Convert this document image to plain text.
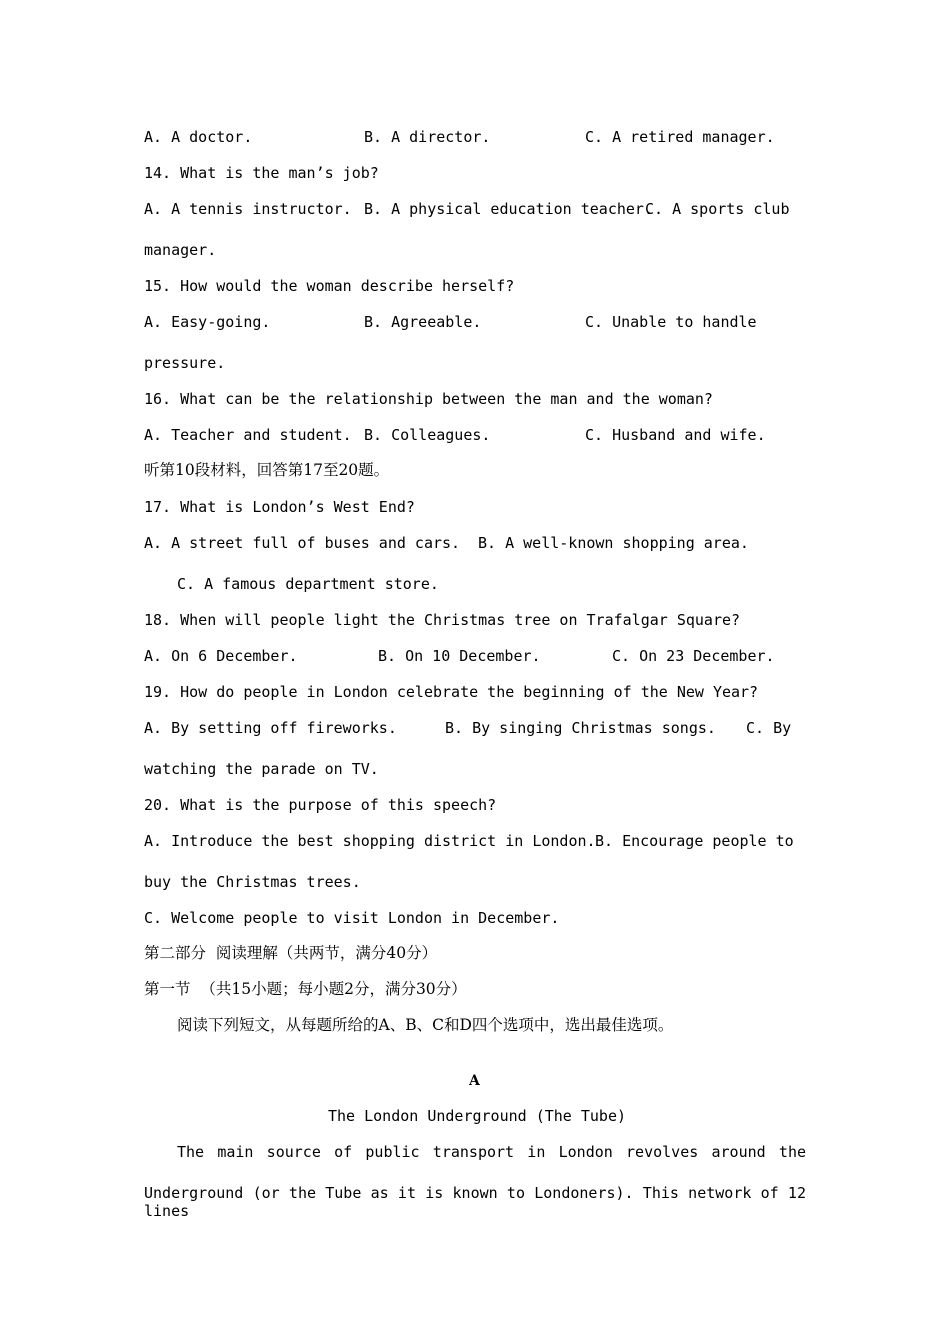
A. A doctor.	B. A director.	C. A retired manager.
14. What is the man’s job?
A. A tennis instructor. B. A physical education teacher.
C. A sports club
manager.
15. How would the woman describe herself?
A. Easy-going.	B. Agreeable.	C. Unable to handle
pressure.
16. What can be the relationship between the man and the woman?
A. Teacher and student. B. Colleagues.	C. Husband and wife.
听第10段材料，回答第17至20题。
17. What is London’s West End?
A. A street full of buses and cars. B. A well-known shopping area.
C. A famous department store.
18. When will people light the Christmas tree on Trafalgar Square?
A. On 6 December.	B. On 10 December.	C. On 23 December.
19. How do people in London celebrate the beginning of the New Year?
A. By setting off fireworks.	B. By singing Christmas songs. C. By
watching the parade on TV.
20. What is the purpose of this speech?
A. Introduce the best shopping district in London. B. Encourage people to
buy the Christmas trees.
C. Welcome people to visit London in December.
第二部分  阅读理解（共两节，满分40分）
第一节  （共15小题；每小题2分，满分30分）
阅读下列短文，从每题所给的A、B、C和D四个选项中，选出最佳选项。
A
The London Underground (The Tube)
The main source of public transport in London revolves around the
Underground (or the Tube as it is known to Londoners). This network of 12 lines
